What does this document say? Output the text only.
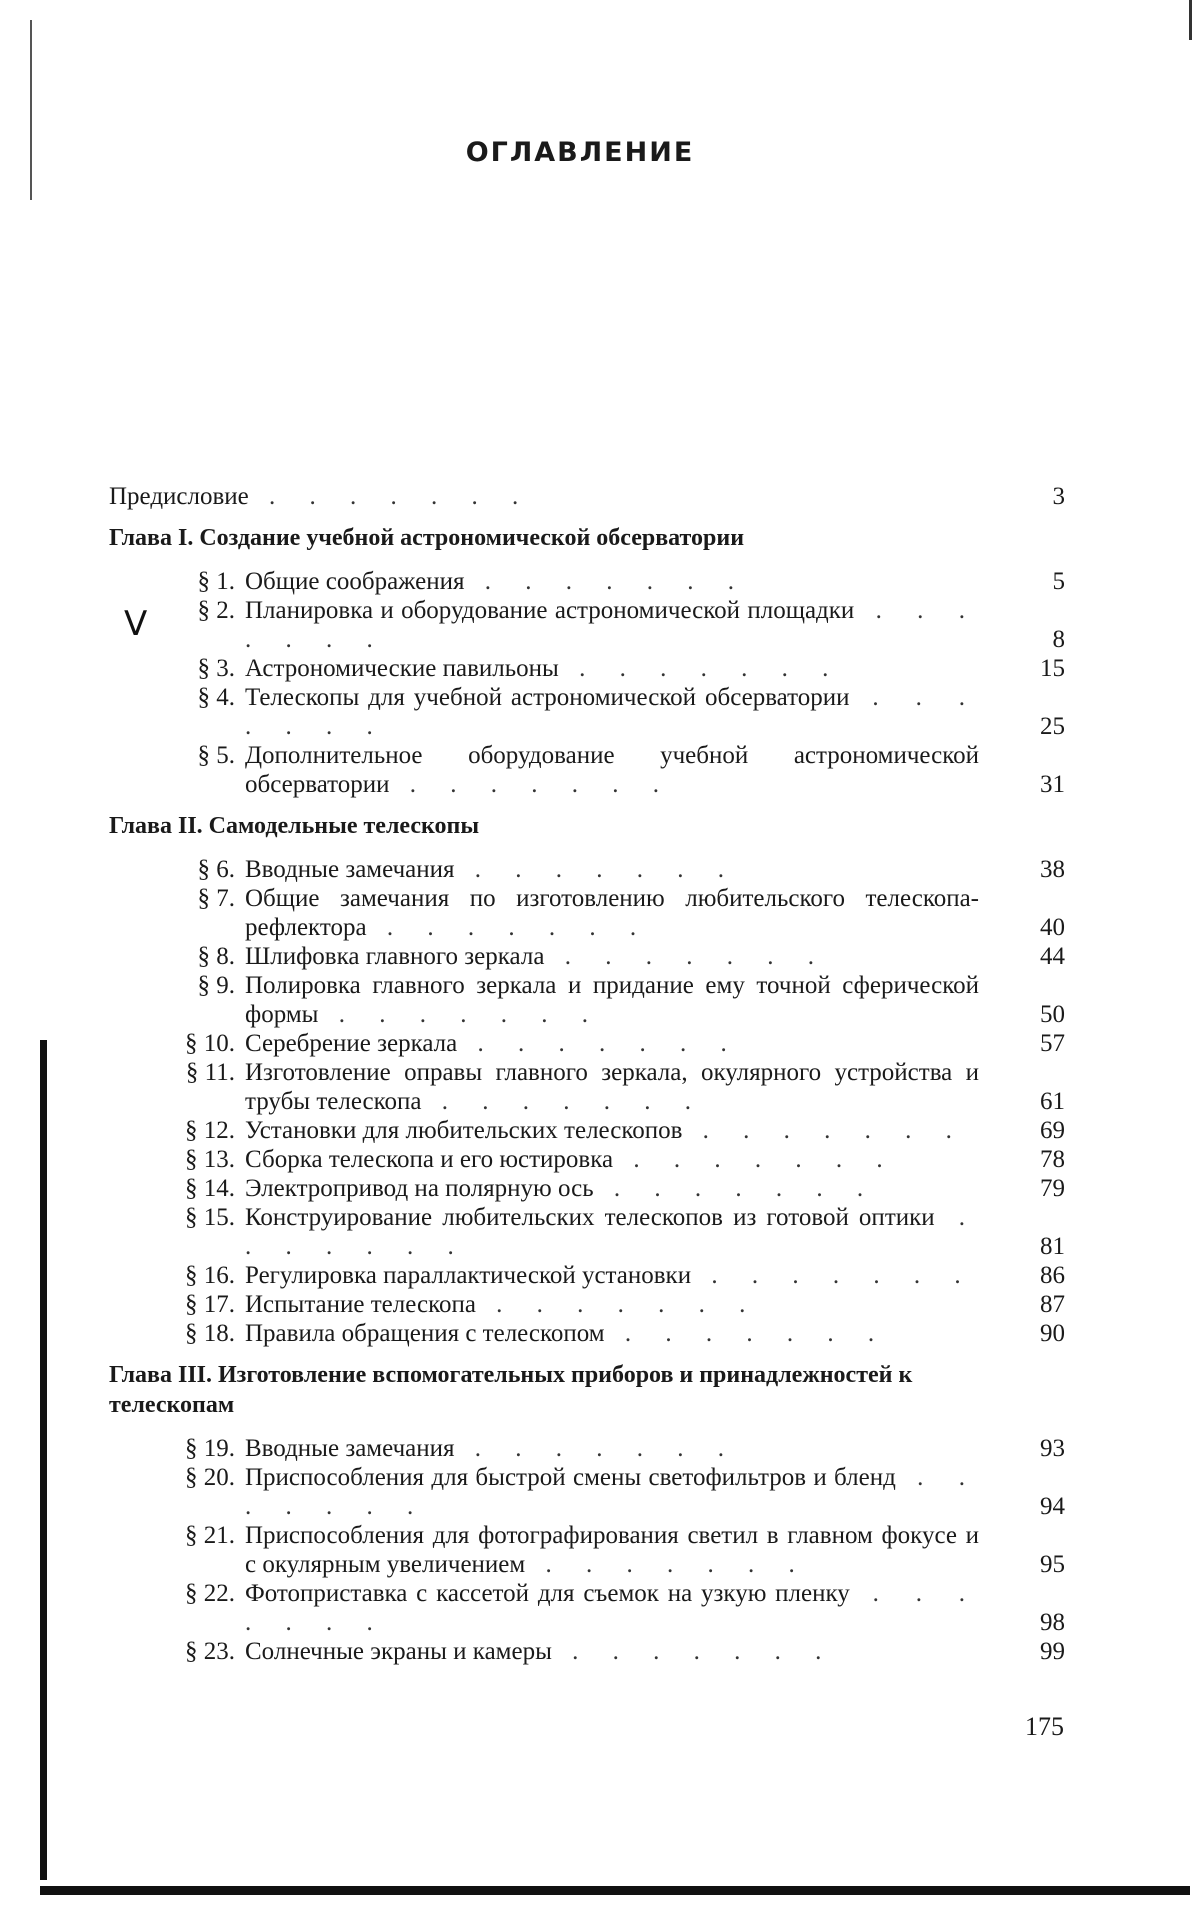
ОГЛАВЛЕНИЕ
V
Предисловие . . . . . . .	3
Глава I. Создание учебной астрономической обсерватории
§ 1. Общие соображения . . . . . . .	5
§ 2. Планировка и оборудование астрономической площадки . . . . . . .	8
§ 3. Астрономические павильоны . . . . . . .	15
§ 4. Телескопы для учебной астрономической обсерватории . . . . . . .	25
§ 5. Дополнительное оборудование учебной астрономической обсерватории . . . . . . .	31
Глава II. Самодельные телескопы
§ 6. Вводные замечания . . . . . . .	38
§ 7. Общие замечания по изготовлению любительского телескопа-рефлектора . . . . . . .	40
§ 8. Шлифовка главного зеркала . . . . . . .	44
§ 9. Полировка главного зеркала и придание ему точной сферической формы . . . . . . .	50
§ 10. Серебрение зеркала . . . . . . .	57
§ 11. Изготовление оправы главного зеркала, окулярного устройства и трубы телескопа . . . . . . .	61
§ 12. Установки для любительских телескопов . . . . . . .	69
§ 13. Сборка телескопа и его юстировка . . . . . . .	78
§ 14. Электропривод на полярную ось . . . . . . .	79
§ 15. Конструирование любительских телескопов из готовой оптики . . . . . . .	81
§ 16. Регулировка параллактической установки . . . . . . .	86
§ 17. Испытание телескопа . . . . . . .	87
§ 18. Правила обращения с телескопом . . . . . . .	90
Глава III. Изготовление вспомогательных приборов и принадлежностей к телескопам
§ 19. Вводные замечания . . . . . . .	93
§ 20. Приспособления для быстрой смены светофильтров и бленд . . . . . . .	94
§ 21. Приспособления для фотографирования светил в главном фокусе и с окулярным увеличением . . . . . . .	95
§ 22. Фотоприставка с кассетой для съемок на узкую пленку . . . . . . .	98
§ 23. Солнечные экраны и камеры . . . . . . .	99
175
